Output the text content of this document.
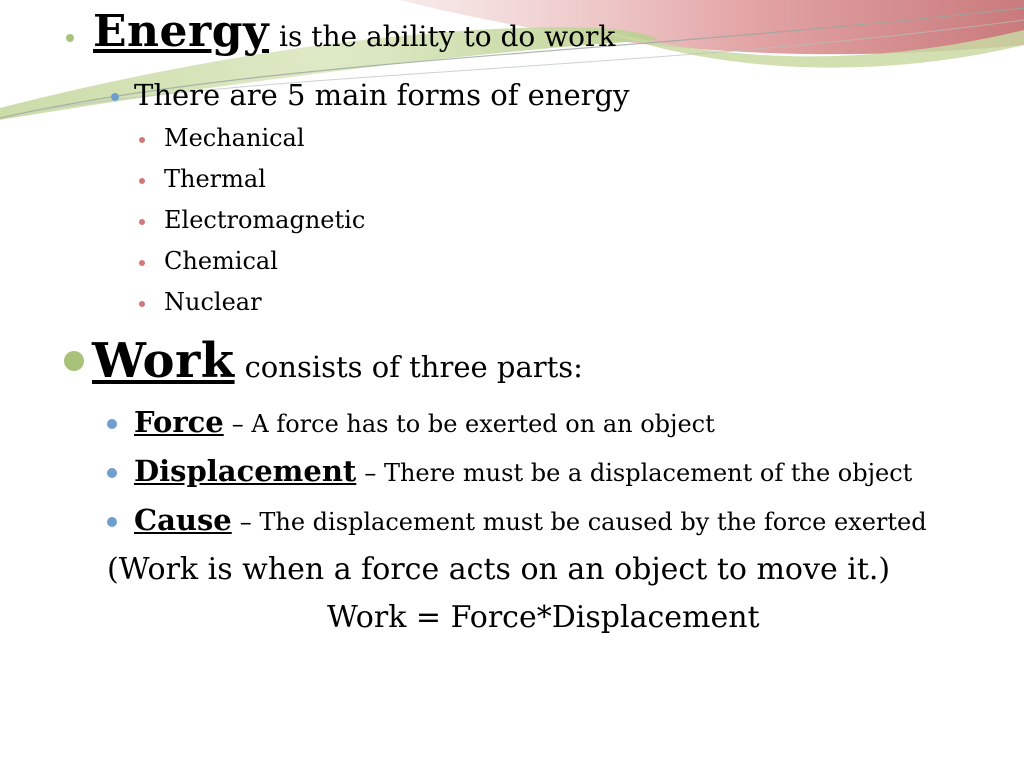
Energy is the ability to do work
There are 5 main forms of energy
Mechanical
Thermal
Electromagnetic
Chemical
Nuclear
Work consists of three parts:
Force – A force has to be exerted on an object
Displacement – There must be a displacement of the object
Cause – The displacement must be caused by the force exerted
(Work is when a force acts on an object to move it.)
Work = Force*Displacement
